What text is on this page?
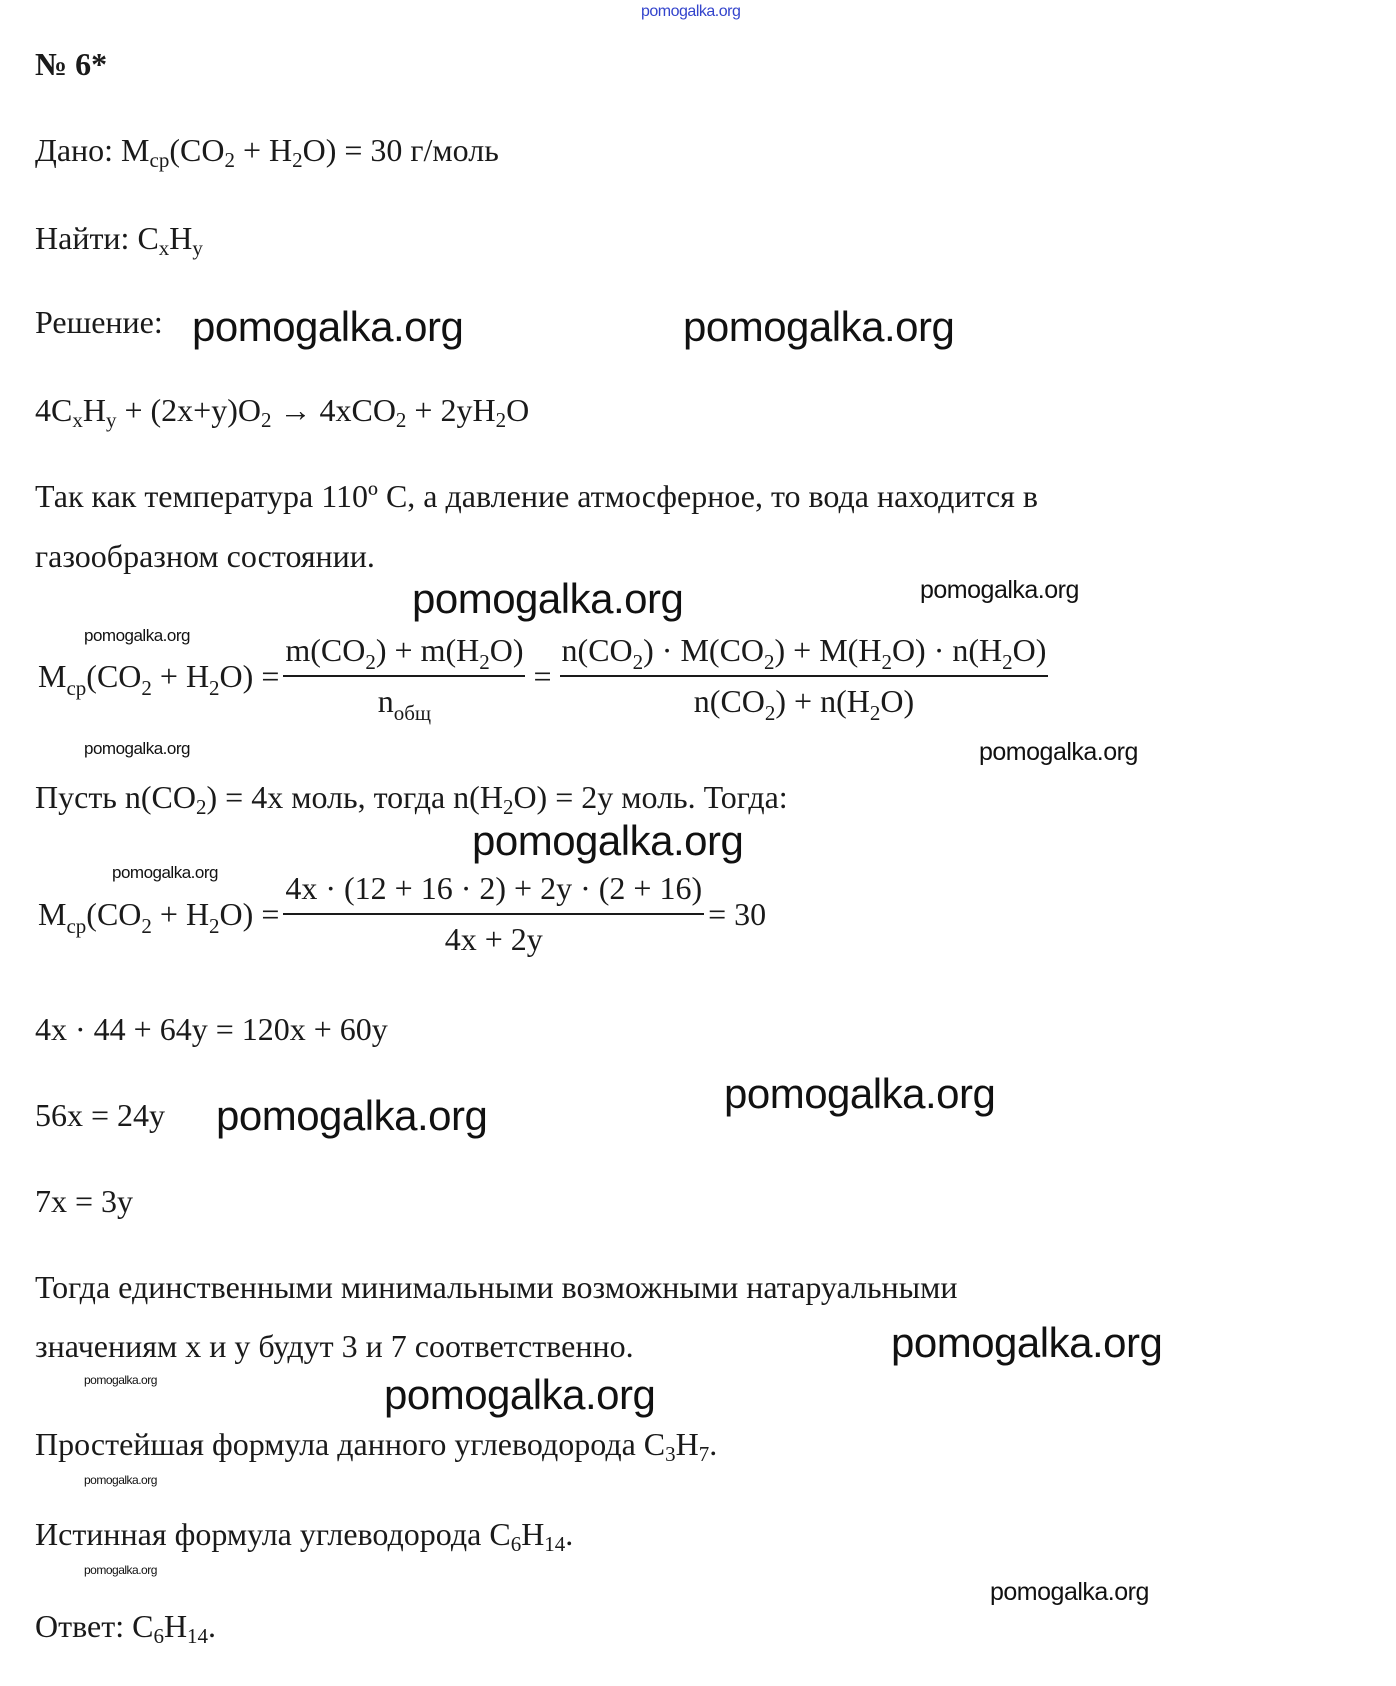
pomogalka.org
№ 6*
Дано: $M_{ср}(CO_2 + H_2O) = 30$ г/моль
Найти: $C_xH_y$
Решение: pomogalka.org	pomogalka.org
$4C_xH_y + (2x+y)O_2 \to 4xCO_2 + 2yH_2O$
Так как температура 110º C, а давление атмосферное, то вода находится в
газообразном состоянии.
pomogalka.org	pomogalka.org
pomogalka.org
$M_{ср}(CO_2 + H_2O) = \frac{m(CO_2) + m(H_2O)}{n_{общ}} = \frac{n(CO_2) \cdot M(CO_2) + M(H_2O) \cdot n(H_2O)}{n(CO_2) + n(H_2O)}$
pomogalka.org	pomogalka.org
Пусть $n(CO_2) = 4x$ моль, тогда $n(H_2O) = 2y$ моль. Тогда:
pomogalka.org
pomogalka.org
$M_{ср}(CO_2 + H_2O) = \frac{4x \cdot (12 + 16 \cdot 2) + 2y \cdot (2 + 16)}{4x + 2y} = 30$
4x · 44 + 64y = 120x + 60y
pomogalka.org
56x = 24y pomogalka.org
7x = 3y
Тогда единственными минимальными возможными натаруальными
значениям x и y будут 3 и 7 соответственно.
pomogalka.org
pomogalka.org
pomogalka.org
Простейшая формула данного углеводорода $C_3H_7$.
pomogalka.org
Истинная формула углеводорода $C_6H_{14}$.
pomogalka.org
pomogalka.org
Ответ: $C_6H_{14}$.
